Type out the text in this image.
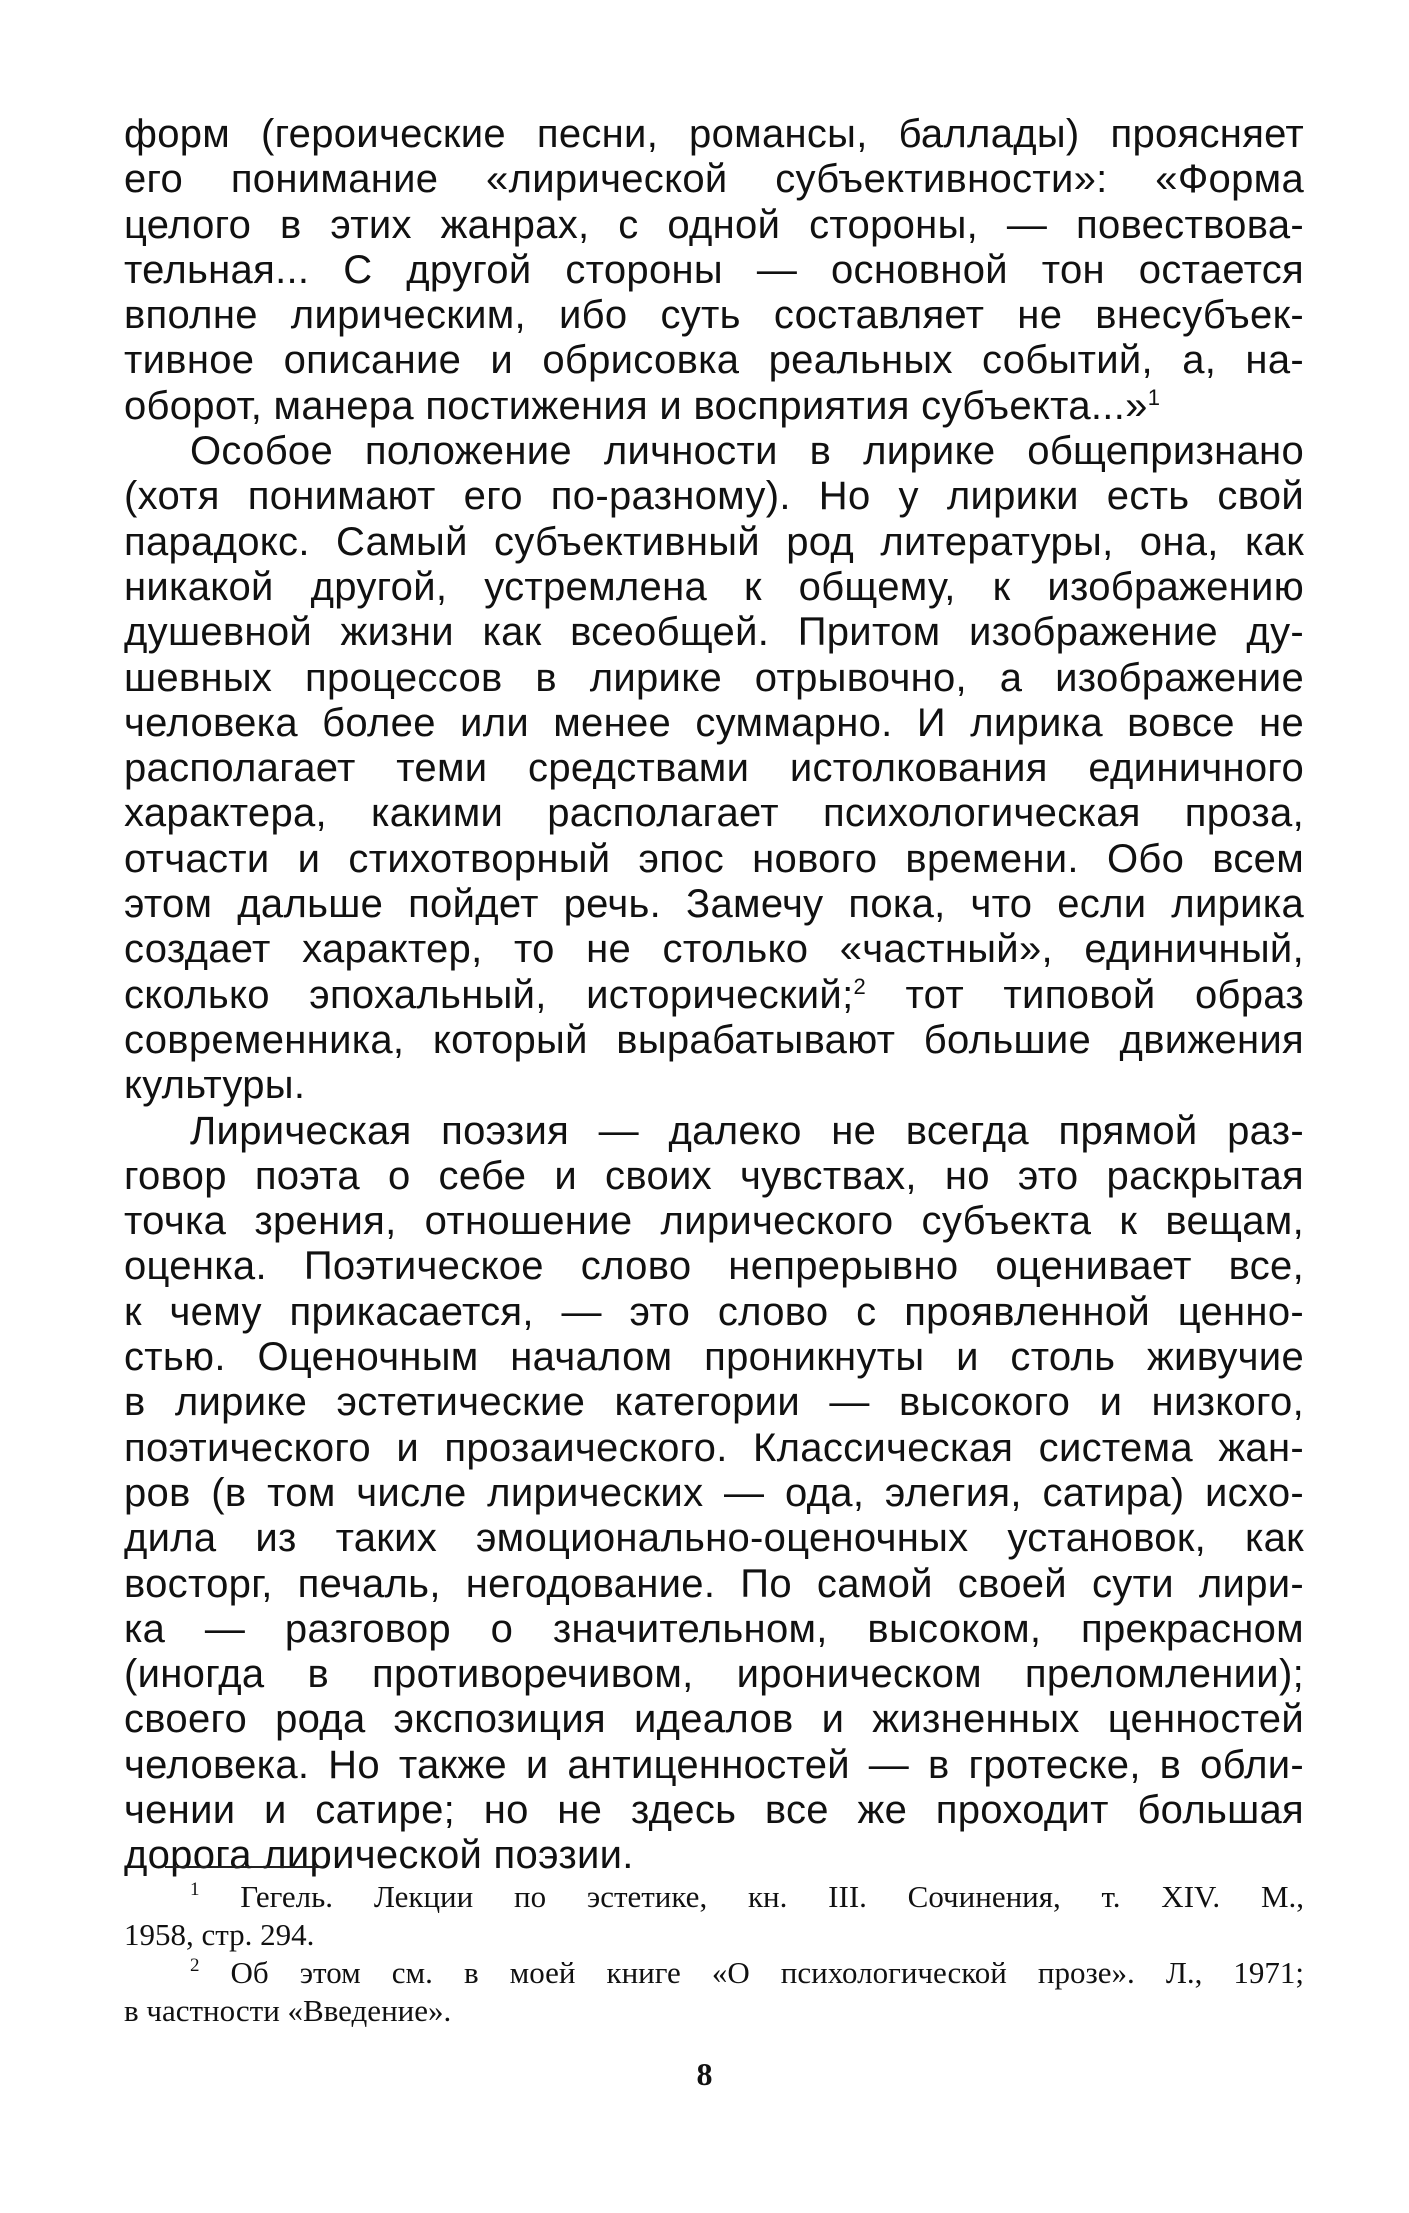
форм (героические песни, романсы, баллады) проясняет
его понимание «лирической субъективности»: «Форма
целого в этих жанрах, с одной стороны, — повествова-
тельная... С другой стороны — основной тон остается
вполне лирическим, ибо суть составляет не внесубъек-
тивное описание и обрисовка реальных событий, а, на-
оборот, манера постижения и восприятия субъекта...»$^1$
Особое положение личности в лирике общепризнано
(хотя понимают его по-разному). Но у лирики есть свой
парадокс. Самый субъективный род литературы, она, как
никакой другой, устремлена к общему, к изображению
душевной жизни как всеобщей. Притом изображение ду-
шевных процессов в лирике отрывочно, а изображение
человека более или менее суммарно. И лирика вовсе не
располагает теми средствами истолкования единичного
характера, какими располагает психологическая проза,
отчасти и стихотворный эпос нового времени. Обо всем
этом дальше пойдет речь. Замечу пока, что если лирика
создает характер, то не столько «частный», единичный,
сколько эпохальный, исторический;$^2$ тот типовой образ
современника, который вырабатывают большие движения
культуры.
Лирическая поэзия — далеко не всегда прямой раз-
говор поэта о себе и своих чувствах, но это раскрытая
точка зрения, отношение лирического субъекта к вещам,
оценка. Поэтическое слово непрерывно оценивает все,
к чему прикасается, — это слово с проявленной ценно-
стью. Оценочным началом проникнуты и столь живучие
в лирике эстетические категории — высокого и низкого,
поэтического и прозаического. Классическая система жан-
ров (в том числе лирических — ода, элегия, сатира) исхо-
дила из таких эмоционально-оценочных установок, как
восторг, печаль, негодование. По самой своей сути лири-
ка — разговор о значительном, высоком, прекрасном
(иногда в противоречивом, ироническом преломлении);
своего рода экспозиция идеалов и жизненных ценностей
человека. Но также и антиценностей — в гротеске, в обли-
чении и сатире; но не здесь все же проходит большая
дорога лирической поэзии.
$^1$ Гегель. Лекции по эстетике, кн. III. Сочинения, т. XIV. М.,
1958, стр. 294.
$^2$ Об этом см. в моей книге «О психологической прозе». Л., 1971;
в частности «Введение».
8
